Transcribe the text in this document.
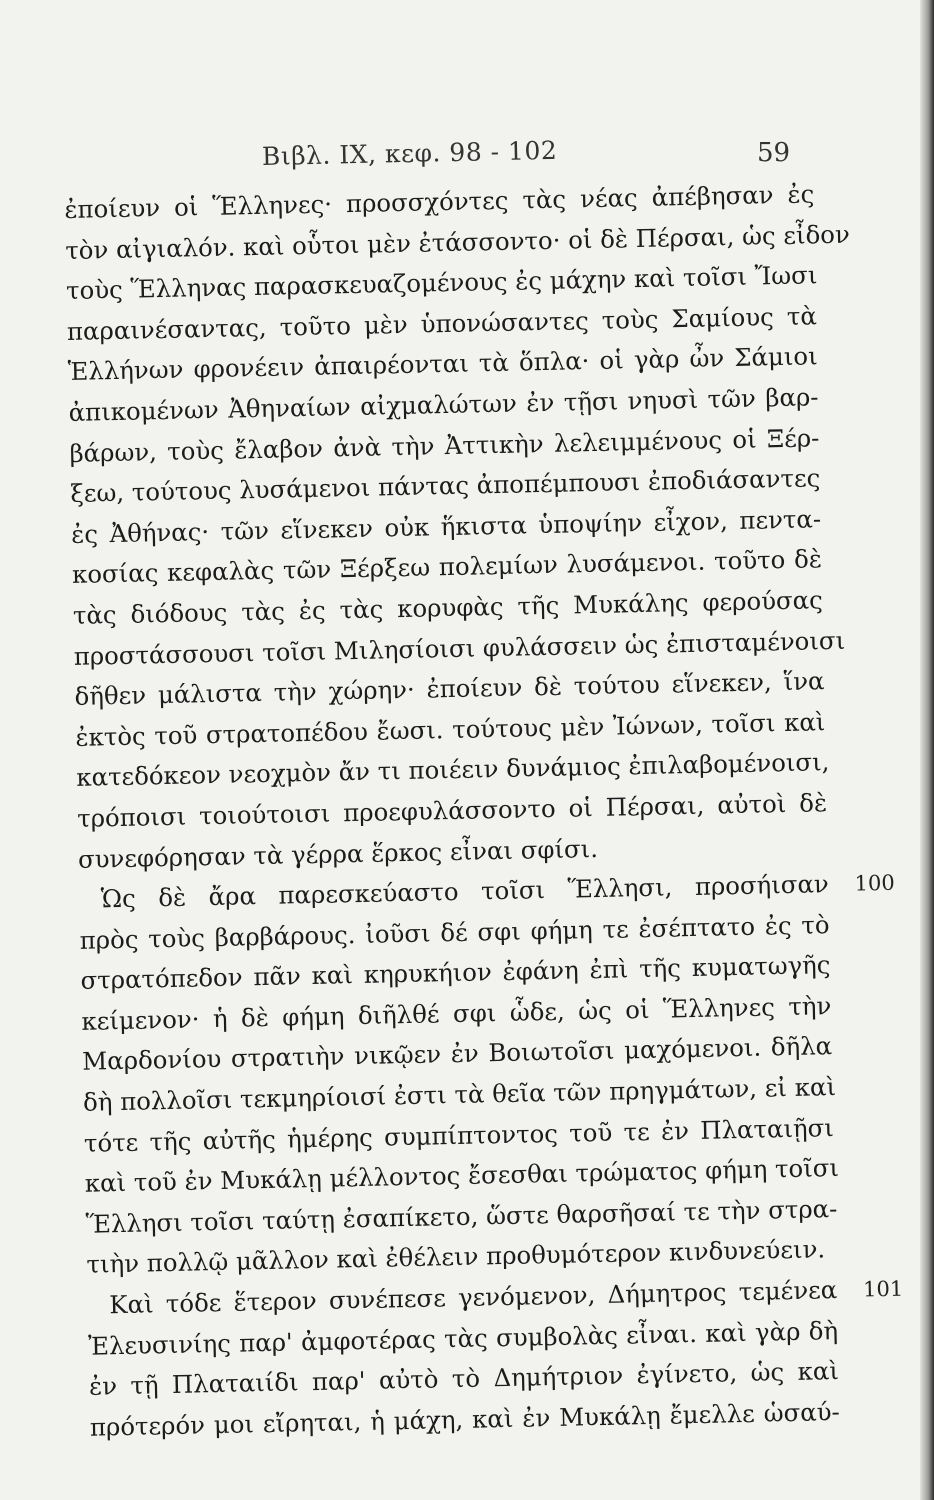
Βιβλ. ΙΧ, κεφ. 98 - 102	59
ἐποίευν οἱ Ἕλληνες· προσσχόντες τὰς νέας ἀπέβησαν ἐς
τὸν αἰγιαλόν. καὶ οὗτοι μὲν ἐτάσσοντο· οἱ δὲ Πέρσαι, ὡς εἶδον
τοὺς Ἕλληνας παρασκευαζομένους ἐς μάχην καὶ τοῖσι Ἴωσι
παραινέσαντας, τοῦτο μὲν ὑπονώσαντες τοὺς Σαμίους τὰ
Ἑλλήνων φρονέειν ἀπαιρέονται τὰ ὅπλα· οἱ γὰρ ὦν Σάμιοι
ἀπικομένων Ἀθηναίων αἰχμαλώτων ἐν τῇσι νηυσὶ τῶν βαρ-
βάρων, τοὺς ἔλαβον ἀνὰ τὴν Ἀττικὴν λελειμμένους οἱ Ξέρ-
ξεω, τούτους λυσάμενοι πάντας ἀποπέμπουσι ἐποδιάσαντες
ἐς Ἀθήνας· τῶν εἵνεκεν οὐκ ἥκιστα ὑποψίην εἶχον, πεντα-
κοσίας κεφαλὰς τῶν Ξέρξεω πολεμίων λυσάμενοι. τοῦτο δὲ
τὰς διόδους τὰς ἐς τὰς κορυφὰς τῆς Μυκάλης φερούσας
προστάσσουσι τοῖσι Μιλησίοισι φυλάσσειν ὡς ἐπισταμένοισι
δῆθεν μάλιστα τὴν χώρην· ἐποίευν δὲ τούτου εἵνεκεν, ἵνα
ἐκτὸς τοῦ στρατοπέδου ἔωσι. τούτους μὲν Ἰώνων, τοῖσι καὶ
κατεδόκεον νεοχμὸν ἄν τι ποιέειν δυνάμιος ἐπιλαβομένοισι,
τρόποισι τοιούτοισι προεφυλάσσοντο οἱ Πέρσαι, αὐτοὶ δὲ
συνεφόρησαν τὰ γέρρα ἕρκος εἶναι σφίσι.
Ὡς δὲ ἄρα παρεσκεύαστο τοῖσι Ἕλλησι, προσήισαν 100
πρὸς τοὺς βαρβάρους. ἰοῦσι δέ σφι φήμη τε ἐσέπτατο ἐς τὸ
στρατόπεδον πᾶν καὶ κηρυκήιον ἐφάνη ἐπὶ τῆς κυματωγῆς
κείμενον· ἡ δὲ φήμη διῆλθέ σφι ὧδε, ὡς οἱ Ἕλληνες τὴν
Μαρδονίου στρατιὴν νικῷεν ἐν Βοιωτοῖσι μαχόμενοι. δῆλα
δὴ πολλοῖσι τεκμηρίοισί ἐστι τὰ θεῖα τῶν πρηγμάτων, εἰ καὶ
τότε τῆς αὐτῆς ἡμέρης συμπίπτοντος τοῦ τε ἐν Πλαταιῇσι
καὶ τοῦ ἐν Μυκάλῃ μέλλοντος ἔσεσθαι τρώματος φήμη τοῖσι
Ἕλλησι τοῖσι ταύτῃ ἐσαπίκετο, ὥστε θαρσῆσαί τε τὴν στρα-
τιὴν πολλῷ μᾶλλον καὶ ἐθέλειν προθυμότερον κινδυνεύειν.
Καὶ τόδε ἕτερον συνέπεσε γενόμενον, Δήμητρος τεμένεα 101
Ἐλευσινίης παρ' ἀμφοτέρας τὰς συμβολὰς εἶναι. καὶ γὰρ δὴ
ἐν τῇ Πλαταιίδι παρ' αὐτὸ τὸ Δημήτριον ἐγίνετο, ὡς καὶ
πρότερόν μοι εἴρηται, ἡ μάχη, καὶ ἐν Μυκάλῃ ἔμελλε ὡσαύ-
